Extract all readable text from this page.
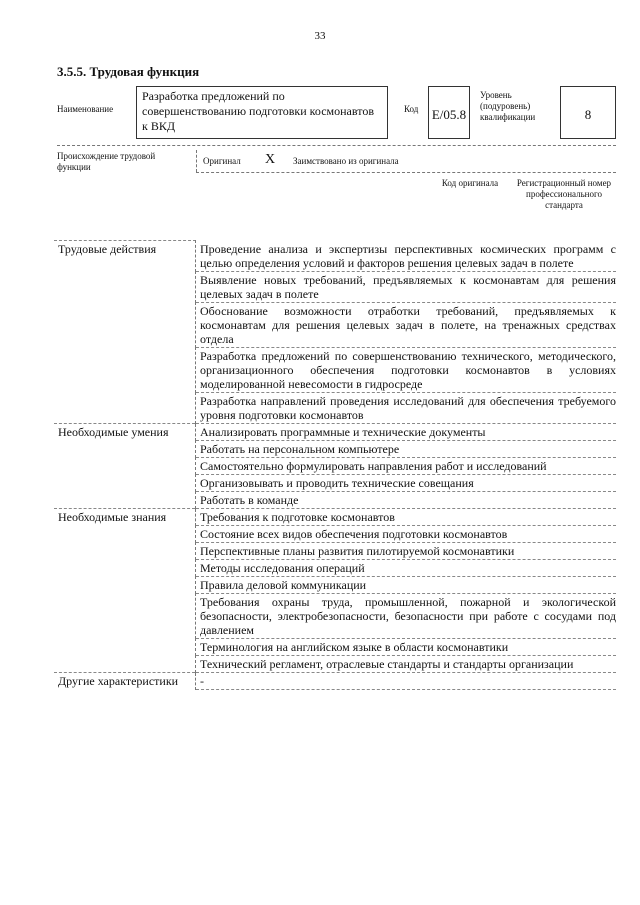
33
3.5.5. Трудовая функция
Наименование
Разработка предложений по совершенствованию подготовки космонавтов к ВКД
Код E/05.8
Уровень (подуровень) квалификации	8
Происхождение трудовой функции
Оригинал X Заимствовано из оригинала
Код оригинала	Регистрационный номер профессионального стандарта
Трудовые действия	Проведение анализа и экспертизы перспективных космических программ с целью определения условий и факторов решения целевых задач в полете
	Выявление новых требований, предъявляемых к космонавтам для решения целевых задач в полете
	Обоснование возможности отработки требований, предъявляемых к космонавтам для решения целевых задач в полете, на тренажных средствах отдела
	Разработка предложений по совершенствованию технического, методического, организационного обеспечения подготовки космонавтов в условиях моделированной невесомости в гидросреде
	Разработка направлений проведения исследований для обеспечения требуемого уровня подготовки космонавтов
Необходимые умения	Анализировать программные и технические документы
	Работать на персональном компьютере
	Самостоятельно формулировать направления работ и исследований
	Организовывать и проводить технические совещания
	Работать в команде
Необходимые знания	Требования к подготовке космонавтов
	Состояние всех видов обеспечения подготовки космонавтов
	Перспективные планы развития пилотируемой космонавтики
	Методы исследования операций
	Правила деловой коммуникации
	Требования охраны труда, промышленной, пожарной и экологической безопасности, электробезопасности, безопасности при работе с сосудами под давлением
	Терминология на английском языке в области космонавтики
	Технический регламент, отраслевые стандарты и стандарты организации
Другие характеристики	-
